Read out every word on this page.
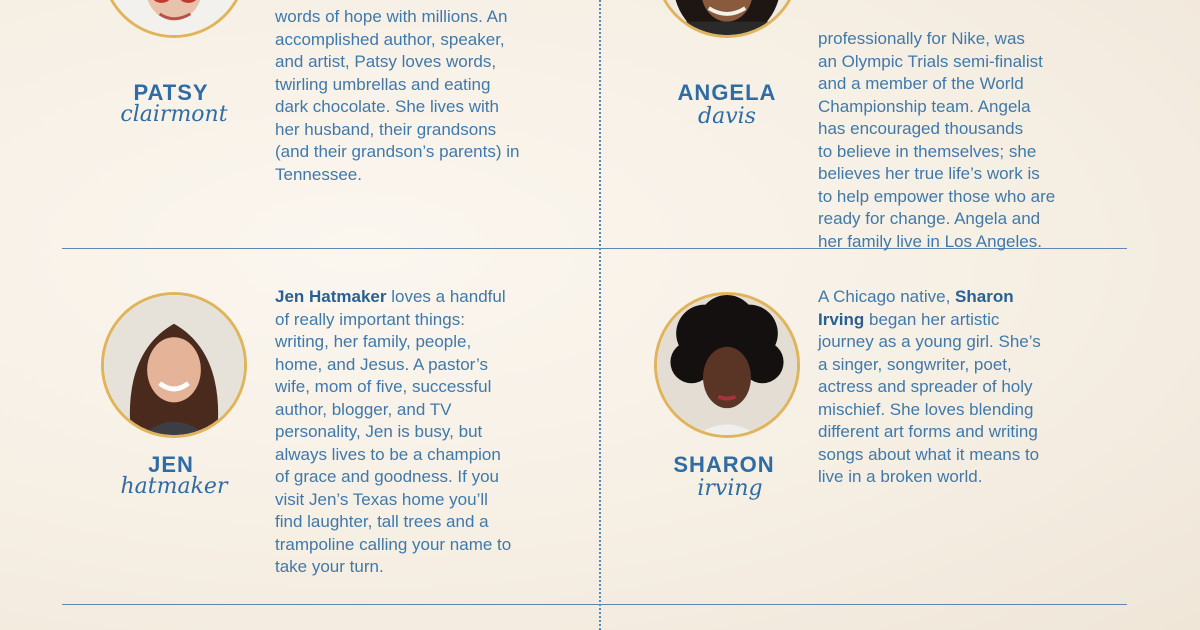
PATSY
clairmont
words of hope with millions. An
accomplished author, speaker,
and artist, Patsy loves words,
twirling umbrellas and eating
dark chocolate. She lives with
her husband, their grandsons
(and their grandson’s parents) in
Tennessee.
ANGELA
davis
professionally for Nike, was
an Olympic Trials semi-finalist
and a member of the World
Championship team. Angela
has encouraged thousands
to believe in themselves; she
believes her true life’s work is
to help empower those who are
ready for change. Angela and
her family live in Los Angeles.
JEN
hatmaker
Jen Hatmaker loves a handful
of really important things:
writing, her family, people,
home, and Jesus. A pastor’s
wife, mom of five, successful
author, blogger, and TV
personality, Jen is busy, but
always lives to be a champion
of grace and goodness. If you
visit Jen’s Texas home you’ll
find laughter, tall trees and a
trampoline calling your name to
take your turn.
SHARON
irving
A Chicago native, Sharon
Irving began her artistic
journey as a young girl. She’s
a singer, songwriter, poet,
actress and spreader of holy
mischief. She loves blending
different art forms and writing
songs about what it means to
live in a broken world.
